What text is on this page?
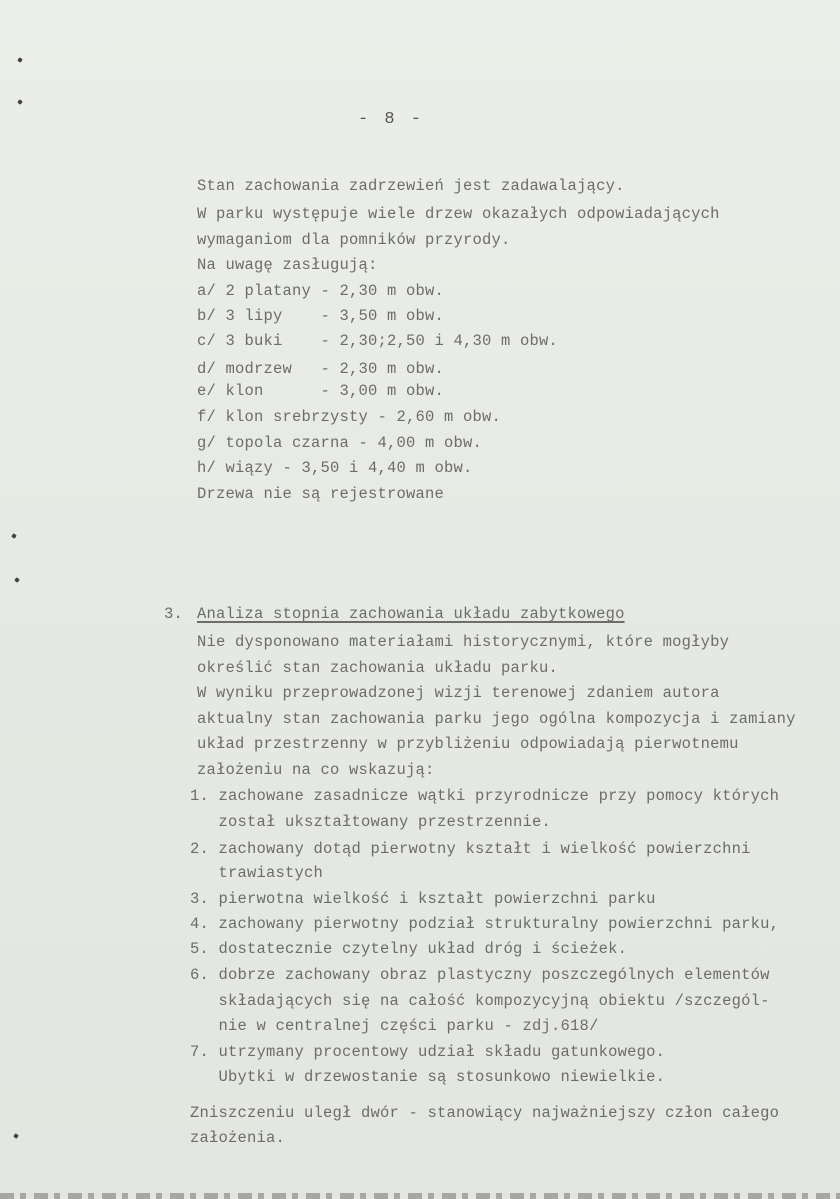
- 8 -
Stan zachowania zadrzewień jest zadawalający.
W parku występuje wiele drzew okazałych odpowiadających
wymaganiom dla pomników przyrody.
Na uwagę zasługują:
a/ 2 platany - 2,30 m obw.
b/ 3 lipy    - 3,50 m obw.
c/ 3 buki    - 2,30;2,50 i 4,30 m obw.
d/ modrzew   - 2,30 m obw.
e/ klon      - 3,00 m obw.
f/ klon srebrzysty - 2,60 m obw.
g/ topola czarna - 4,00 m obw.
h/ wiązy - 3,50 i 4,40 m obw.
Drzewa nie są rejestrowane
3. Analiza stopnia zachowania układu zabytkowego
Nie dysponowano materiałami historycznymi, które mogłyby
określić stan zachowania układu parku.
W wyniku przeprowadzonej wizji terenowej zdaniem autora
aktualny stan zachowania parku jego ogólna kompozycja i zamiany
układ przestrzenny w przybliżeniu odpowiadają pierwotnemu
założeniu na co wskazują:
1. zachowane zasadnicze wątki przyrodnicze przy pomocy których
został ukształtowany przestrzennie.
2. zachowany dotąd pierwotny kształt i wielkość powierzchni
trawiastych
3. pierwotna wielkość i kształt powierzchni parku
4. zachowany pierwotny podział strukturalny powierzchni parku,
5. dostatecznie czytelny układ dróg i ścieżek.
6. dobrze zachowany obraz plastyczny poszczególnych elementów
składających się na całość kompozycyjną obiektu /szczegól-
nie w centralnej części parku - zdj.618/
7. utrzymany procentowy udział składu gatunkowego.
Ubytki w drzewostanie są stosunkowo niewielkie.
Zniszczeniu uległ dwór - stanowiący najważniejszy człon całego
założenia.
